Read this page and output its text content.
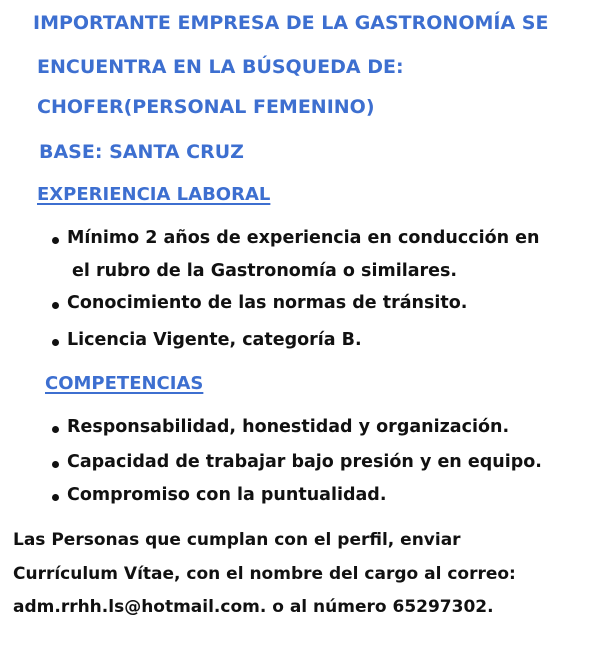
IMPORTANTE EMPRESA DE LA GASTRONOMÍA SE
ENCUENTRA EN LA BÚSQUEDA DE:
CHOFER(PERSONAL FEMENINO)
BASE: SANTA CRUZ
EXPERIENCIA LABORAL
Mínimo 2 años de experiencia en conducción en
el rubro de la Gastronomía o similares.
Conocimiento de las normas de tránsito.
Licencia Vigente, categoría B.
COMPETENCIAS
Responsabilidad, honestidad y organización.
Capacidad de trabajar bajo presión y en equipo.
Compromiso con la puntualidad.
Las Personas que cumplan con el perfil, enviar
Currículum Vítae, con el nombre del cargo al correo:
adm.rrhh.ls@hotmail.com. o al número 65297302.
